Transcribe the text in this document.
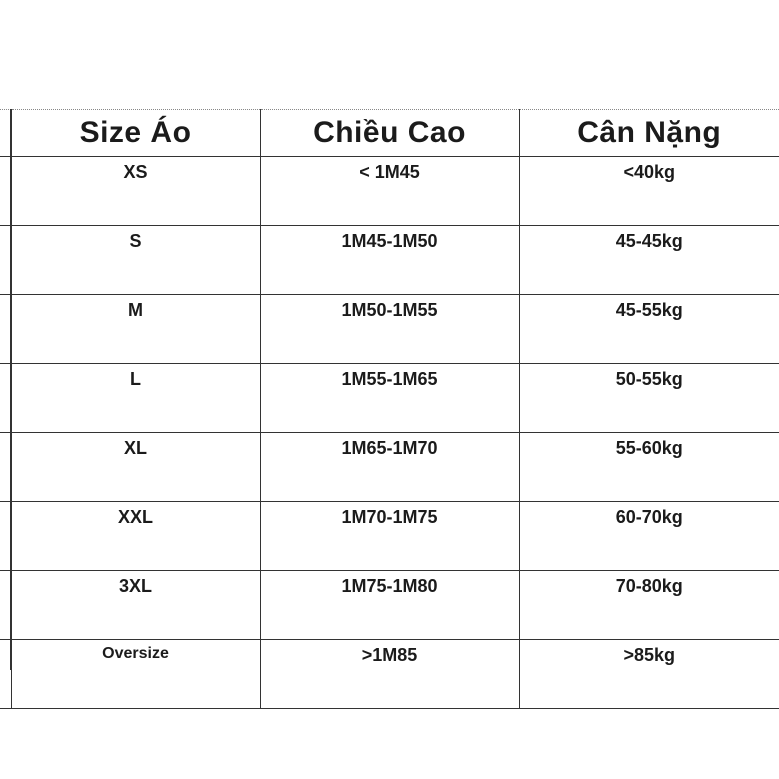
	Size Áo	Chiều Cao	Cân Nặng
	XS	< 1M45	<40kg
	S	1M45-1M50	45-45kg
	M	1M50-1M55	45-55kg
	L	1M55-1M65	50-55kg
	XL	1M65-1M70	55-60kg
	XXL	1M70-1M75	60-70kg
	3XL	1M75-1M80	70-80kg
	Oversize	>1M85	>85kg
